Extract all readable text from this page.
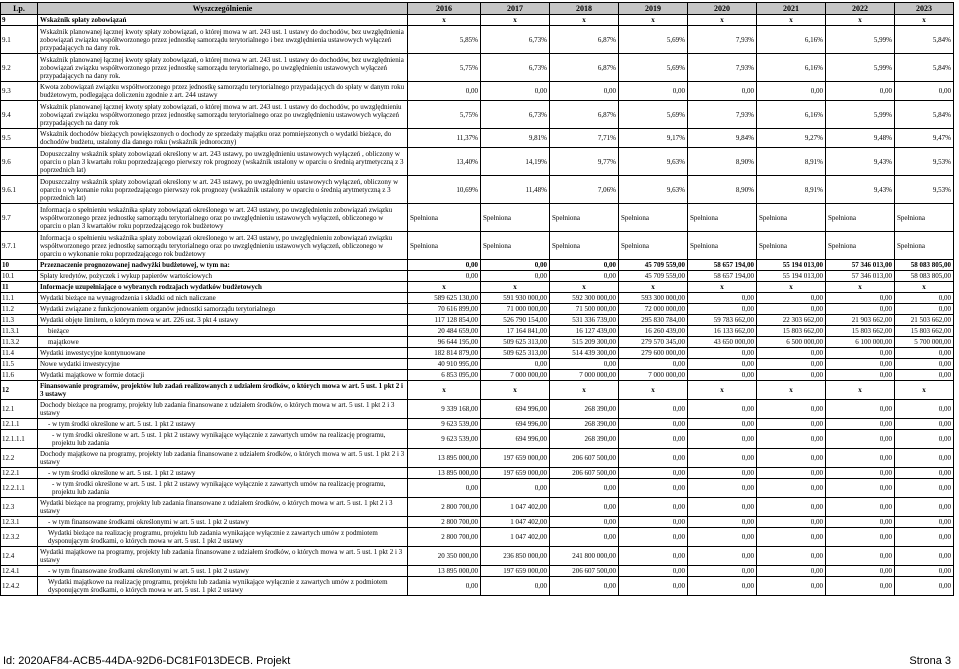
Lp.	Wyszczególnienie	2016	2017	2018	2019	2020	2021	2022	2023
9	Wskaźnik spłaty zobowiązań	x	x	x	x	x	x	x	x
9.1	Wskaźnik planowanej łącznej kwoty spłaty zobowiązań, o której mowa w art. 243 ust. 1 ustawy do dochodów, bez uwzględnienia zobowiązań związku współtworzonego przez jednostkę samorządu terytorialnego i bez uwzględnienia ustawowych wyłączeń przypadających na dany rok.	5,85%	6,73%	6,87%	5,69%	7,93%	6,16%	5,99%	5,84%
9.2	Wskaźnik planowanej łącznej kwoty spłaty zobowiązań, o której mowa w art. 243 ust. 1 ustawy do dochodów, bez uwzględnienia zobowiązań związku współtworzonego przez jednostkę samorządu terytorialnego, po uwzględnieniu ustawowych wyłączeń przypadających na dany rok.	5,75%	6,73%	6,87%	5,69%	7,93%	6,16%	5,99%	5,84%
9.3	Kwota zobowiązań związku współtworzonego przez jednostkę samorządu terytorialnego przypadających do spłaty w danym roku budżetowym, podlegająca doliczeniu zgodnie z art. 244 ustawy	0,00	0,00	0,00	0,00	0,00	0,00	0,00	0,00
9.4	Wskaźnik planowanej łącznej kwoty spłaty zobowiązań, o której mowa w art. 243 ust. 1 ustawy do dochodów, po uwzględnieniu zobowiązań związku współtworzonego przez jednostkę samorządu terytorialnego oraz po uwzględnieniu ustawowych wyłączeń przypadających na dany rok	5,75%	6,73%	6,87%	5,69%	7,93%	6,16%	5,99%	5,84%
9.5	Wskaźnik dochodów bieżących powiększonych o dochody ze sprzedaży majątku oraz pomniejszonych o wydatki bieżące, do dochodów budżetu, ustalony dla danego roku (wskaźnik jednoroczny)	11,37%	9,81%	7,71%	9,17%	9,84%	9,27%	9,48%	9,47%
9.6	Dopuszczalny wskaźnik spłaty zobowiązań określony w art. 243 ustawy, po uwzględnieniu ustawowych wyłączeń , obliczony w oparciu o plan 3 kwartału roku poprzedzającego pierwszy rok prognozy (wskaźnik ustalony w oparciu o średnią arytmetyczną z 3 poprzednich lat)	13,40%	14,19%	9,77%	9,63%	8,90%	8,91%	9,43%	9,53%
9.6.1	Dopuszczalny wskaźnik spłaty zobowiązań określony w art. 243 ustawy, po uwzględnieniu ustawowych wyłączeń, obliczony w oparciu o wykonanie roku poprzedzającego pierwszy rok prognozy (wskaźnik ustalony w oparciu o średnią arytmetyczną z 3 poprzednich lat)	10,69%	11,48%	7,06%	9,63%	8,90%	8,91%	9,43%	9,53%
9.7	Informacja o spełnieniu wskaźnika spłaty zobowiązań określonego w art. 243 ustawy, po uwzględnieniu zobowiązań związku współtworzonego przez jednostkę samorządu terytorialnego oraz po uwzględnieniu ustawowych wyłączeń, obliczonego w oparciu o plan 3 kwartałów roku poprzedzającego rok budżetowy	Spełniona	Spełniona	Spełniona	Spełniona	Spełniona	Spełniona	Spełniona	Spełniona
9.7.1	Informacja o spełnieniu wskaźnika spłaty zobowiązań określonego w art. 243 ustawy, po uwzględnieniu zobowiązań związku współtworzonego przez jednostkę samorządu terytorialnego oraz po uwzględnieniu ustawowych wyłączeń, obliczonego w oparciu o wykonanie roku poprzedzającego rok budżetowy	Spełniona	Spełniona	Spełniona	Spełniona	Spełniona	Spełniona	Spełniona	Spełniona
10	Przeznaczenie prognozowanej nadwyżki budżetowej, w tym na:	0,00	0,00	0,00	45 709 559,00	58 657 194,00	55 194 013,00	57 346 013,00	58 083 805,00
10.1	Spłaty kredytów, pożyczek i wykup papierów wartościowych	0,00	0,00	0,00	45 709 559,00	58 657 194,00	55 194 013,00	57 346 013,00	58 083 805,00
11	Informacje uzupełniające o wybranych rodzajach wydatków budżetowych	x	x	x	x	x	x	x	x
11.1	Wydatki bieżące na wynagrodzenia i składki od nich naliczane	589 625 130,00	591 930 000,00	592 300 000,00	593 300 000,00	0,00	0,00	0,00	0,00
11.2	Wydatki związane z funkcjonowaniem organów jednostki samorządu terytorialnego	70 616 899,00	71 000 000,00	71 500 000,00	72 000 000,00	0,00	0,00	0,00	0,00
11.3	Wydatki objęte limitem, o którym mowa w art. 226 ust. 3 pkt 4 ustawy	117 128 854,00	526 790 154,00	531 336 739,00	295 830 784,00	59 783 662,00	22 303 662,00	21 903 662,00	21 503 662,00
11.3.1	bieżące	20 484 659,00	17 164 841,00	16 127 439,00	16 260 439,00	16 133 662,00	15 803 662,00	15 803 662,00	15 803 662,00
11.3.2	majątkowe	96 644 195,00	509 625 313,00	515 209 300,00	279 570 345,00	43 650 000,00	6 500 000,00	6 100 000,00	5 700 000,00
11.4	Wydatki inwestycyjne kontynuowane	182 814 879,00	509 625 313,00	514 439 300,00	279 600 000,00	0,00	0,00	0,00	0,00
11.5	Nowe wydatki inwestycyjne	40 910 995,00	0,00	0,00	0,00	0,00	0,00	0,00	0,00
11.6	Wydatki majątkowe w formie dotacji	6 853 095,00	7 000 000,00	7 000 000,00	7 000 000,00	0,00	0,00	0,00	0,00
12	Finansowanie programów, projektów lub zadań realizowanych z udziałem środków, o których mowa w art. 5 ust. 1 pkt 2 i 3 ustawy	x	x	x	x	x	x	x	x
12.1	Dochody bieżące na programy, projekty lub zadania finansowane z udziałem środków, o których mowa w art. 5 ust. 1 pkt 2 i 3 ustawy	9 339 168,00	694 996,00	268 390,00	0,00	0,00	0,00	0,00	0,00
12.1.1	- w tym środki określone w art. 5 ust. 1 pkt 2 ustawy	9 623 539,00	694 996,00	268 390,00	0,00	0,00	0,00	0,00	0,00
12.1.1.1	- w tym środki określone w art. 5 ust. 1 pkt 2 ustawy wynikające wyłącznie z zawartych umów na realizację programu, projektu lub zadania	9 623 539,00	694 996,00	268 390,00	0,00	0,00	0,00	0,00	0,00
12.2	Dochody majątkowe na programy, projekty lub zadania finansowane z udziałem środków, o których mowa w art. 5 ust. 1 pkt 2 i 3 ustawy	13 895 000,00	197 659 000,00	206 607 500,00	0,00	0,00	0,00	0,00	0,00
12.2.1	- w tym środki określone w art. 5 ust. 1 pkt 2 ustawy	13 895 000,00	197 659 000,00	206 607 500,00	0,00	0,00	0,00	0,00	0,00
12.2.1.1	- w tym środki określone w art. 5 ust. 1 pkt 2 ustawy wynikające wyłącznie z zawartych umów na realizację programu, projektu lub zadania	0,00	0,00	0,00	0,00	0,00	0,00	0,00	0,00
12.3	Wydatki bieżące na programy, projekty lub zadania finansowane z udziałem środków, o których mowa w art. 5 ust. 1 pkt 2 i 3 ustawy	2 800 700,00	1 047 402,00	0,00	0,00	0,00	0,00	0,00	0,00
12.3.1	- w tym finansowane środkami określonymi w art. 5 ust. 1 pkt 2 ustawy	2 800 700,00	1 047 402,00	0,00	0,00	0,00	0,00	0,00	0,00
12.3.2	Wydatki bieżące na realizację programu, projektu lub zadania wynikające wyłącznie z zawartych umów z podmiotem dysponującym środkami, o których mowa w art. 5 ust. 1 pkt 2 ustawy	2 800 700,00	1 047 402,00	0,00	0,00	0,00	0,00	0,00	0,00
12.4	Wydatki majątkowe na programy, projekty lub zadania finansowane z udziałem środków, o których mowa w art. 5 ust. 1 pkt 2 i 3 ustawy	20 350 000,00	236 850 000,00	241 800 000,00	0,00	0,00	0,00	0,00	0,00
12.4.1	- w tym finansowane środkami określonymi w art. 5 ust. 1 pkt 2 ustawy	13 895 000,00	197 659 000,00	206 607 500,00	0,00	0,00	0,00	0,00	0,00
12.4.2	Wydatki majątkowe na realizację programu, projektu lub zadania wynikające wyłącznie z zawartych umów z podmiotem dysponującym środkami, o których mowa w art. 5 ust. 1 pkt 2 ustawy	0,00	0,00	0,00	0,00	0,00	0,00	0,00	0,00
Id: 2020AF84-ACB5-44DA-92D6-DC81F013DECB. Projekt	Strona 3
